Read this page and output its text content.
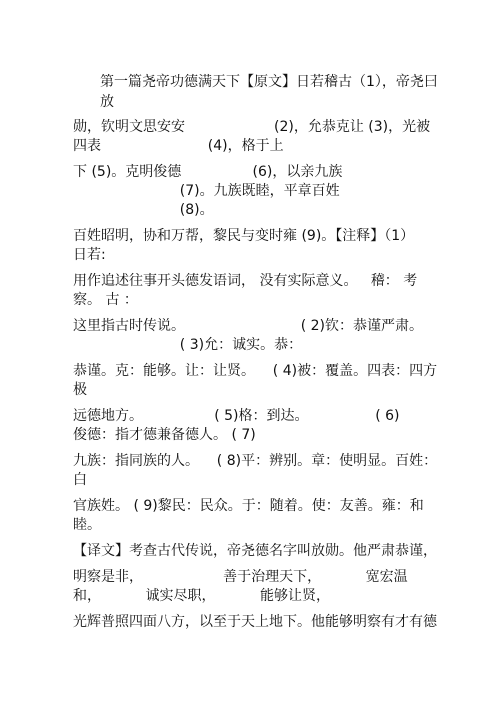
第一篇尧帝功德满天下【原文】日若稽古（1），帝尧曰
放
勋，钦明文思安安                    (2)，允恭克让 (3)，光被
四表                        (4)，格于上
下 (5)。克明俊德                (6)，以亲九族
(7)。九族既睦，平章百姓
(8)。
百姓昭明，协和万帮，黎民与变时雍 (9)。【注释】（1）
日若:
用作追述往事开头德发语词， 没有实际意义。   稽： 考
察。 古 ：
这里指古时传说。                          ( 2)钦：恭谨严肃。
( 3)允：诚实。恭：
恭谨。克：能够。让：让贤。    ( 4)被：覆盖。四表：四方
极
远德地方。                ( 5)格：到达。               ( 6)
俊德：指才德兼备德人。 ( 7)
九族：指同族的人。    ( 8)平：辨别。章：使明显。百姓：
白
官族姓。 ( 9)黎民：民众。于：随着。使：友善。雍：和
睦。
【译文】考查古代传说，帝尧德名字叫放勋。他严肃恭谨，
明察是非，                  善于治理天下，          宽宏温
和，          诚实尽职，          能够让贤，
光辉普照四面八方，以至于天上地下。他能够明察有才有德
